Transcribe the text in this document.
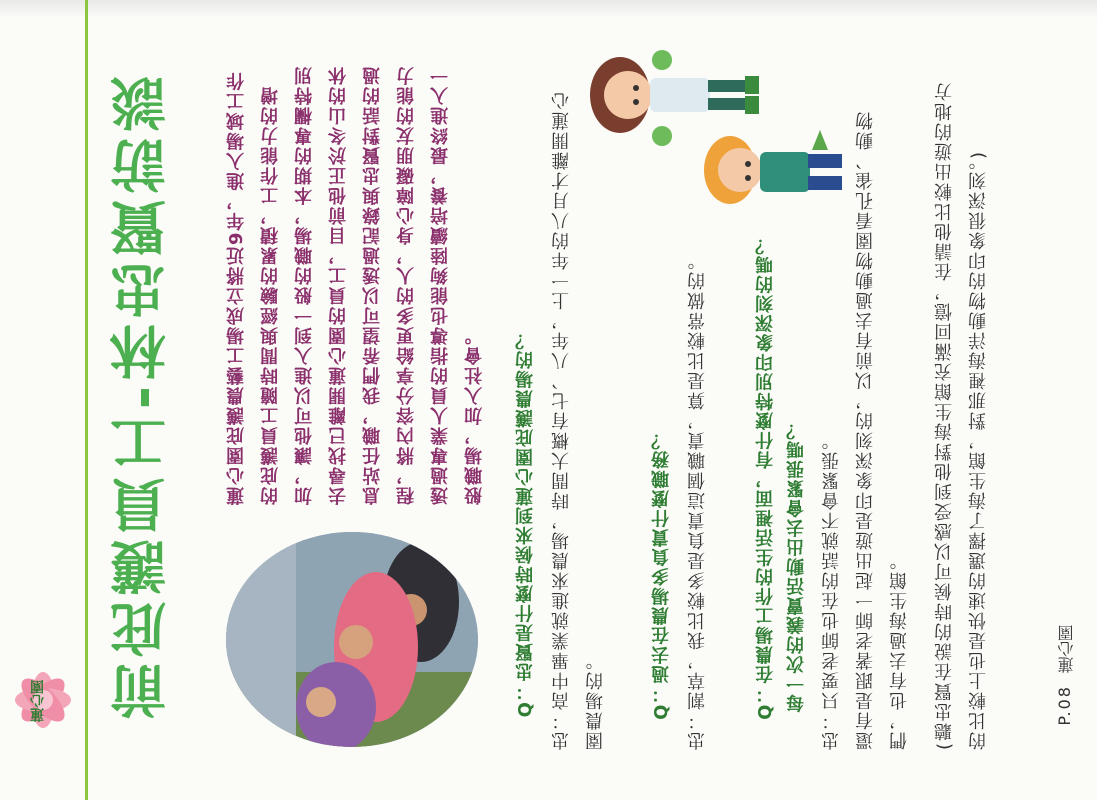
蓮心園 前庇護員工-林忠賢訪談	蓮心園庇護農藝工場成立將近9年，進入場域工作的庇護員工隨時間與經驗的累積，工作能力的增加，讓他可以進入到一般的職場，本期的專欄特別去尋找已離開蓮心園的員工，目前他正於冬山的休息站任職，我們希望可以透過記錄與忠賢對話的過程，將內容分享給更多的人，身心障礙朋友的能力透過專業人員的指導也能夠陸續培養，最終進入一般職場，加入社會。 Q：忠賢是什麼時候來到蓮心園庇護農場的？ 忠：高中畢業就進來農場，時間大概有七、八年，上一年的八月才離開蓮心園農場的。	Q：過去在農場多負責什麼職務？ 忠：割草，我比較多是負責這個職責，算是比較常做的。	Q：在農場工作的生活裡面，有什麼特別印象深刻的嗎？ 每一次的義賣活動出去會緊張嗎？ 忠：只要老師也在的話就不會緊張。 還有是跟著老師一起出遊是印象深刻的，以前有去過動物園看孔雀、動物們，也有去過海生館。	(聽忠賢在說的時候可以感受到他對海生館充滿回憶，在請他比較出遊的地方的比較上也是快速的選擇了海生館，對那裡海洋動物的印象很深刻。)	P.08
蓮心園
